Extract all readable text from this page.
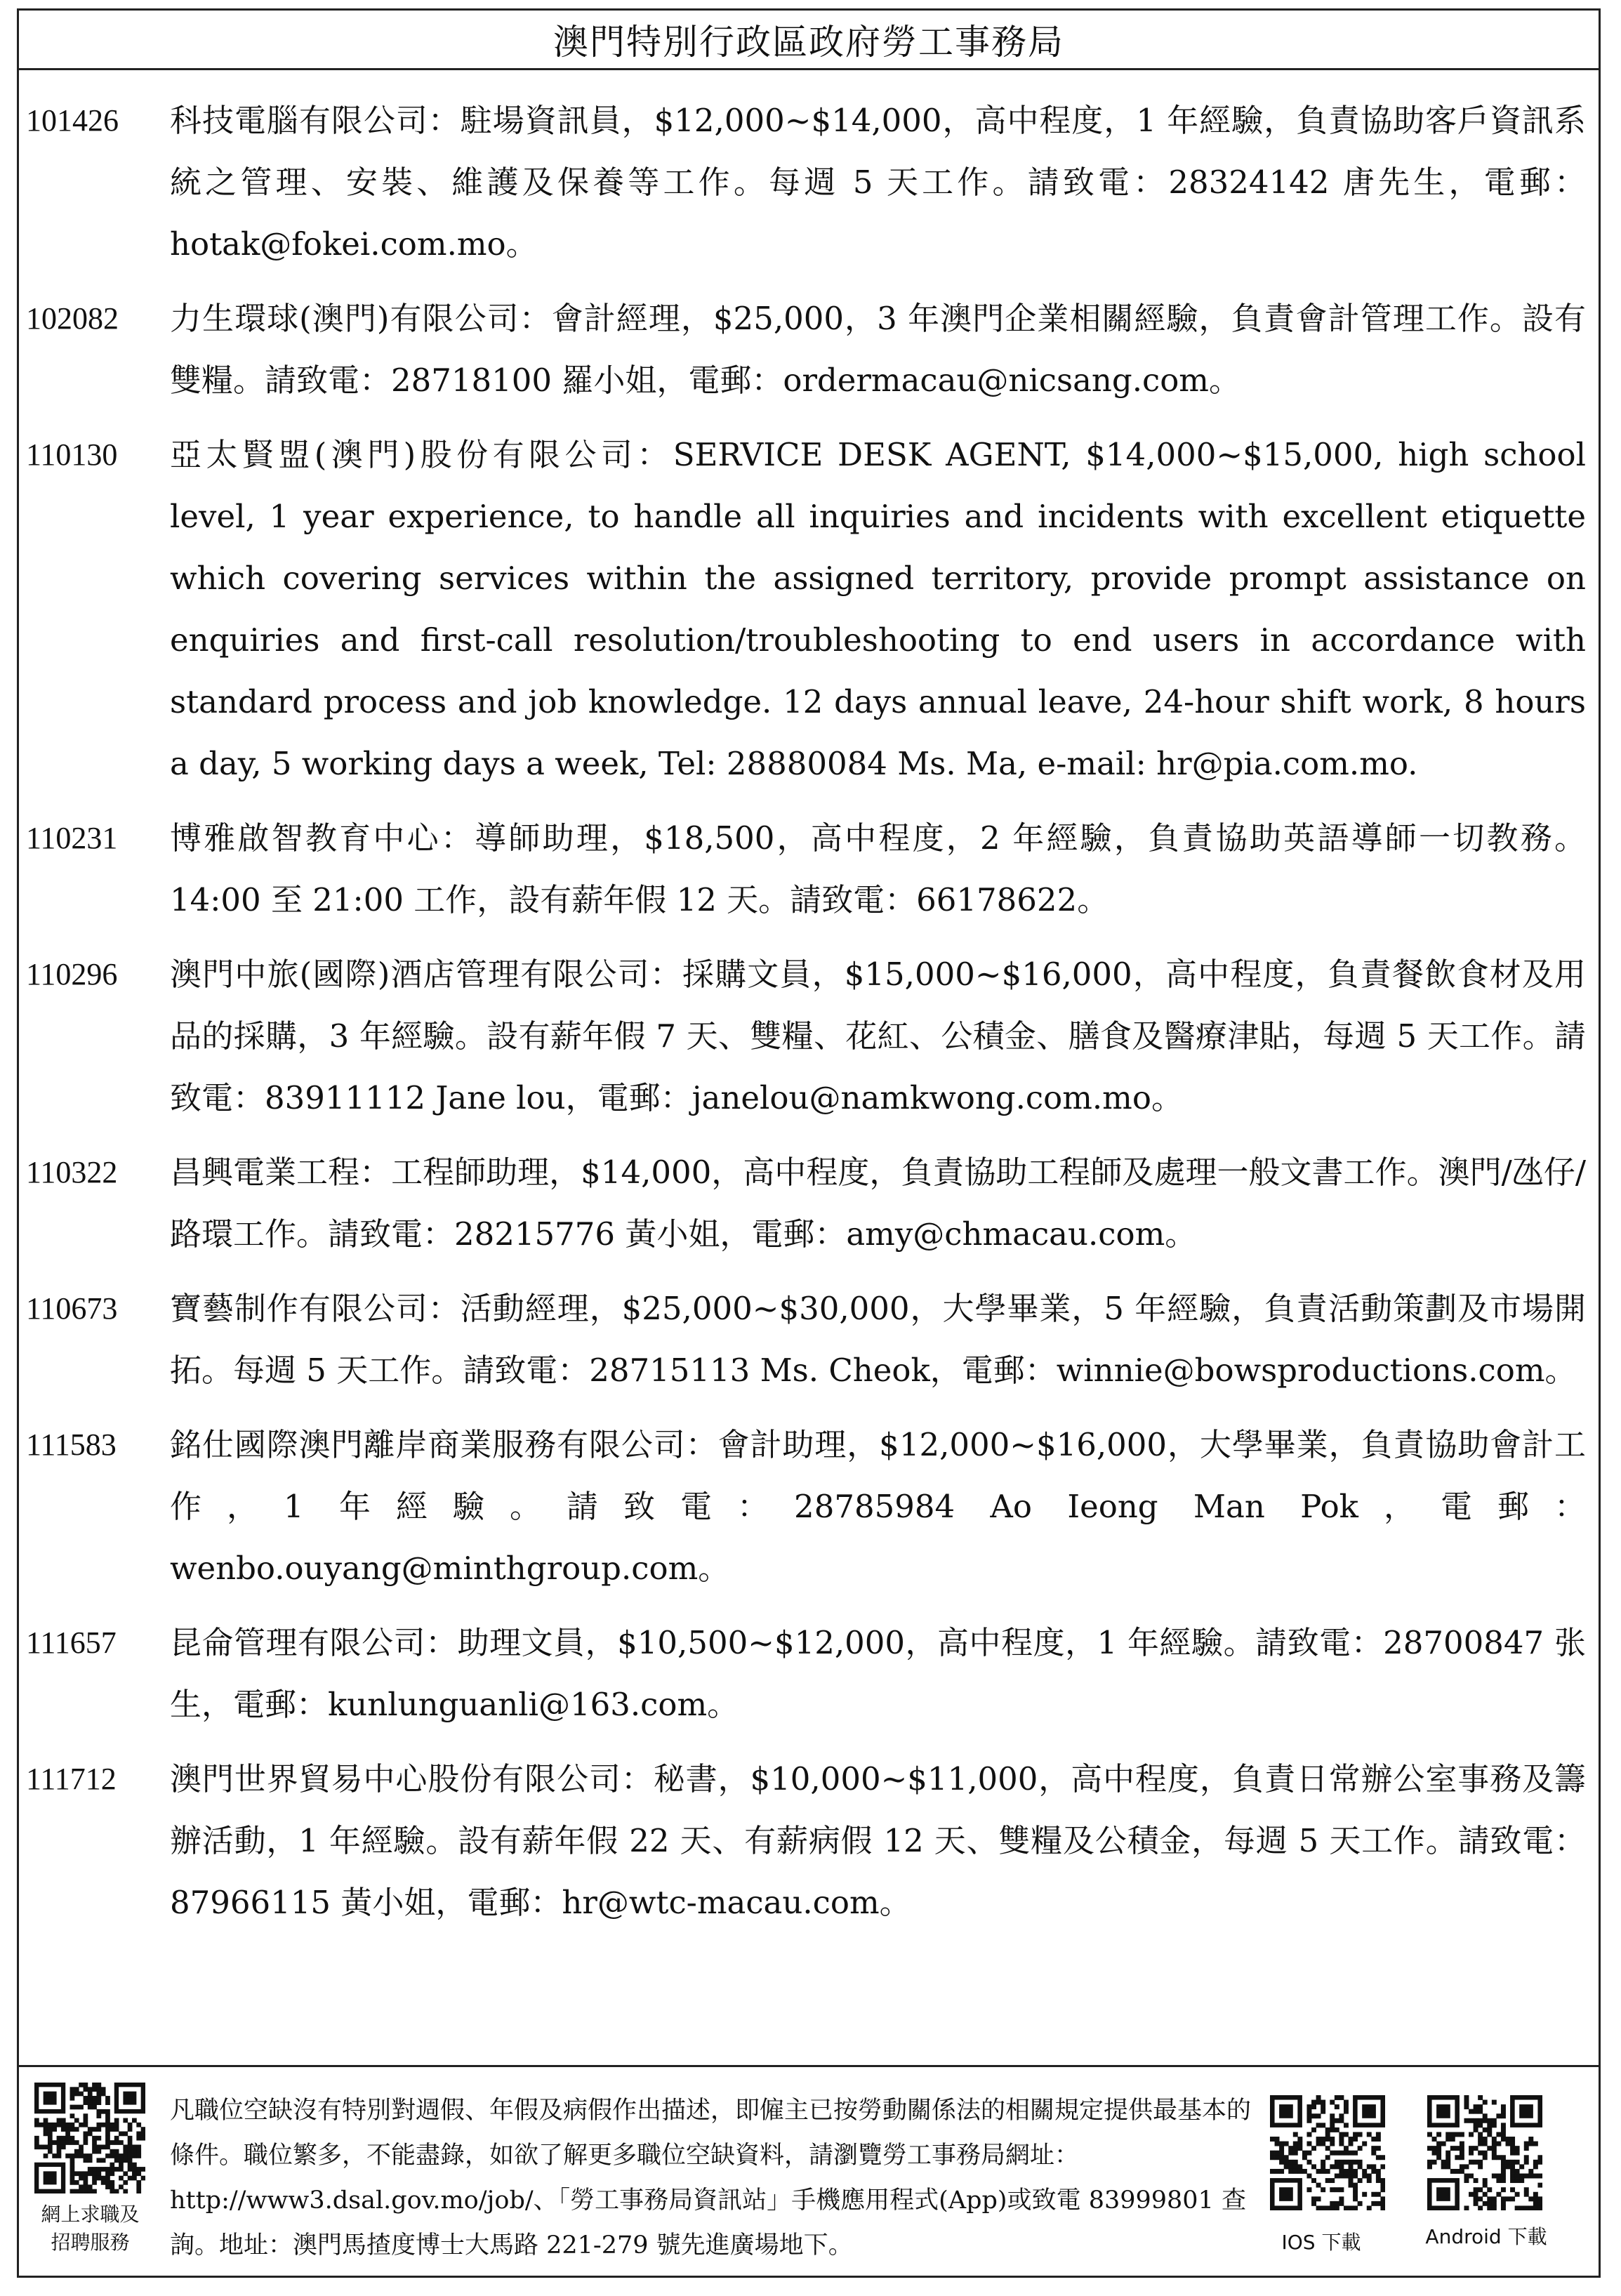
澳門特別行政區政府勞工事務局
101426	科技電腦有限公司：駐場資訊員，$12,000~$14,000，高中程度，1 年經驗，負責協助客戶資訊系統之管理、安裝、維護及保養等工作。每週 5 天工作。請致電：28324142 唐先生，電郵：hotak@fokei.com.mo。
102082	力生環球(澳門)有限公司：會計經理，$25,000，3 年澳門企業相關經驗，負責會計管理工作。設有雙糧。請致電：28718100 羅小姐，電郵：ordermacau@nicsang.com。
110130	亞太賢盟(澳門)股份有限公司：SERVICE DESK AGENT, $14,000~$15,000, high school level, 1 year experience, to handle all inquiries and incidents with excellent etiquette which covering services within the assigned territory, provide prompt assistance on enquiries and first-call resolution/troubleshooting to end users in accordance with standard process and job knowledge. 12 days annual leave, 24-hour shift work, 8 hours a day, 5 working days a week, Tel: 28880084 Ms. Ma, e-mail: hr@pia.com.mo.
110231	博雅啟智教育中心：導師助理，$18,500，高中程度，2 年經驗，負責協助英語導師一切教務。14:00 至 21:00 工作，設有薪年假 12 天。請致電：66178622。
110296	澳門中旅(國際)酒店管理有限公司：採購文員，$15,000~$16,000，高中程度，負責餐飲食材及用品的採購，3 年經驗。設有薪年假 7 天、雙糧、花紅、公積金、膳食及醫療津貼，每週 5 天工作。請致電：83911112 Jane lou，電郵：janelou@namkwong.com.mo。
110322	昌興電業工程：工程師助理，$14,000，高中程度，負責協助工程師及處理一般文書工作。澳門/氹仔/路環工作。請致電：28215776 黃小姐，電郵：amy@chmacau.com。
110673	寶藝制作有限公司：活動經理，$25,000~$30,000，大學畢業，5 年經驗，負責活動策劃及市場開拓。每週 5 天工作。請致電：28715113 Ms. Cheok，電郵：winnie@bowsproductions.com。
111583	銘仕國際澳門離岸商業服務有限公司：會計助理，$12,000~$16,000，大學畢業，負責協助會計工作，1 年經驗。請致電：28785984 Ao Ieong Man Pok，電郵：wenbo.ouyang@minthgroup.com。
111657	昆侖管理有限公司：助理文員，$10,500~$12,000，高中程度，1 年經驗。請致電：28700847 张生，電郵：kunlunguanli@163.com。
111712	澳門世界貿易中心股份有限公司：秘書，$10,000~$11,000，高中程度，負責日常辦公室事務及籌辦活動，1 年經驗。設有薪年假 22 天、有薪病假 12 天、雙糧及公積金，每週 5 天工作。請致電：87966115 黃小姐，電郵：hr@wtc-macau.com。
網上求職及
招聘服務
凡職位空缺沒有特別對週假、年假及病假作出描述，即僱主已按勞動關係法的相關規定提供最基本的條件。職位繁多，不能盡錄，如欲了解更多職位空缺資料，請瀏覽勞工事務局網址：http://www3.dsal.gov.mo/job/、「勞工事務局資訊站」手機應用程式(App)或致電 83999801 查詢。地址：澳門馬揸度博士大馬路 221-279 號先進廣場地下。	IOS 下載	Android 下載
